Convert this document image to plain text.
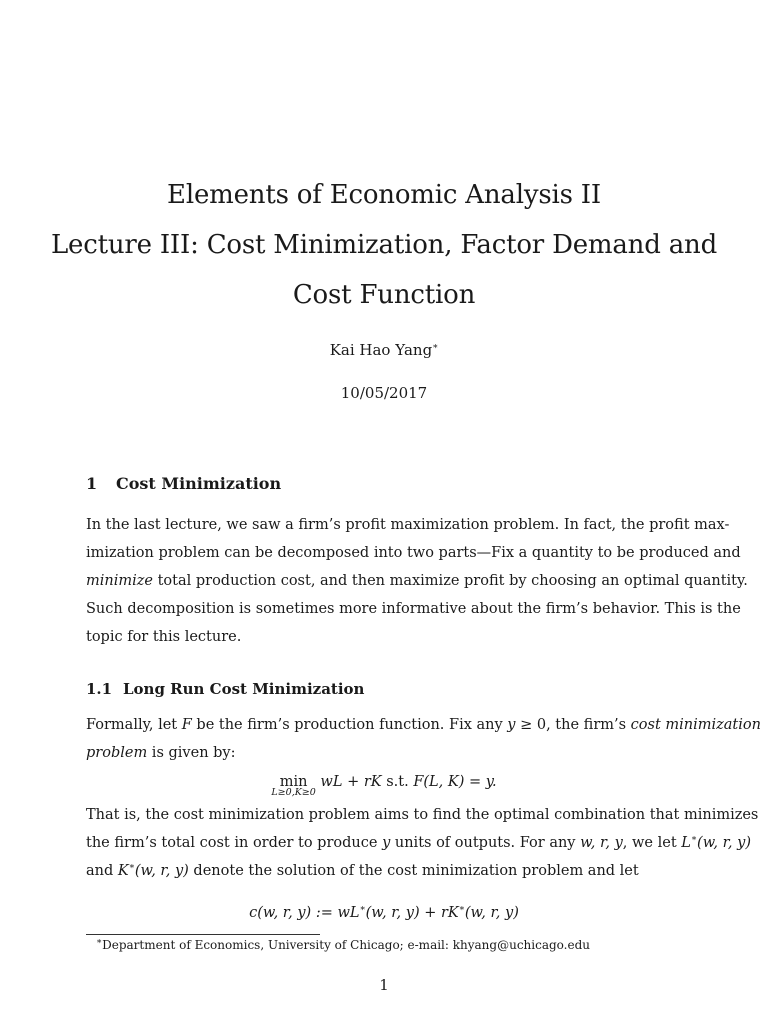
Elements of Economic Analysis II
Lecture III: Cost Minimization, Factor Demand and
Cost Function
Kai Hao Yang∗
10/05/2017
1 Cost Minimization
In the last lecture, we saw a firm’s profit maximization problem. In fact, the profit max-
imization problem can be decomposed into two parts—Fix a quantity to be produced and
minimize total production cost, and then maximize profit by choosing an optimal quantity.
Such decomposition is sometimes more informative about the firm’s behavior. This is the
topic for this lecture.
1.1 Long Run Cost Minimization
Formally, let F be the firm’s production function. Fix any y ≥ 0, the firm’s cost minimization
problem is given by:
min
L≥0,K≥0
wL + rK s.t. F(L, K) = y.
That is, the cost minimization problem aims to find the optimal combination that minimizes
the firm’s total cost in order to produce y units of outputs. For any w, r, y, we let L∗(w, r, y)
and K∗(w, r, y) denote the solution of the cost minimization problem and let
c(w, r, y) := wL∗(w, r, y) + rK∗(w, r, y)
∗Department of Economics, University of Chicago; e-mail: khyang@uchicago.edu
1
